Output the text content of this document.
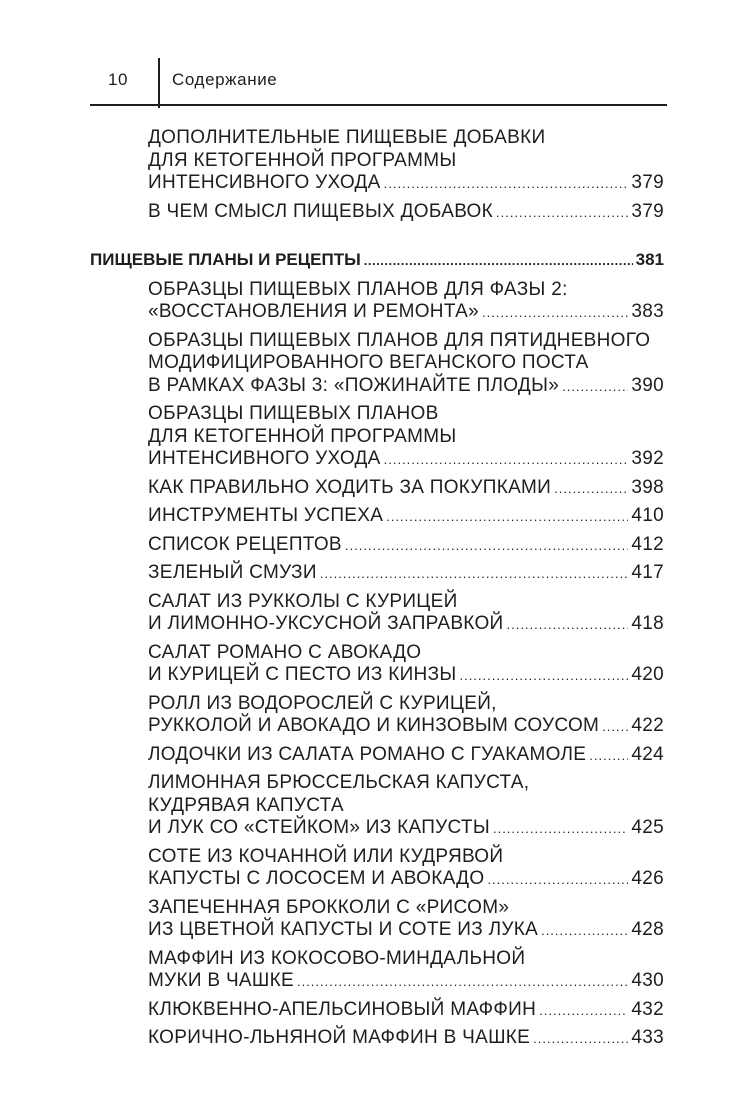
10	Содержание
ДОПОЛНИТЕЛЬНЫЕ ПИЩЕВЫЕ ДОБАВКИ
ДЛЯ КЕТОГЕННОЙ ПРОГРАММЫ
ИНТЕНСИВНОГО УХОДА .....	379
В ЧЕМ СМЫСЛ ПИЩЕВЫХ ДОБАВОК .....	379
ПИЩЕВЫЕ ПЛАНЫ И РЕЦЕПТЫ .....	381
ОБРАЗЦЫ ПИЩЕВЫХ ПЛАНОВ ДЛЯ ФАЗЫ 2:
«ВОССТАНОВЛЕНИЯ И РЕМОНТА» .....	383
ОБРАЗЦЫ ПИЩЕВЫХ ПЛАНОВ ДЛЯ ПЯТИДНЕВНОГО
МОДИФИЦИРОВАННОГО ВЕГАНСКОГО ПОСТА
В РАМКАХ ФАЗЫ 3: «ПОЖИНАЙТЕ ПЛОДЫ» .....	390
ОБРАЗЦЫ ПИЩЕВЫХ ПЛАНОВ
ДЛЯ КЕТОГЕННОЙ ПРОГРАММЫ
ИНТЕНСИВНОГО УХОДА .....	392
КАК ПРАВИЛЬНО ХОДИТЬ ЗА ПОКУПКАМИ .....	398
ИНСТРУМЕНТЫ УСПЕХА .....	410
СПИСОК РЕЦЕПТОВ .....	412
ЗЕЛЕНЫЙ СМУЗИ .....	417
САЛАТ ИЗ РУККОЛЫ С КУРИЦЕЙ
И ЛИМОННО-УКСУСНОЙ ЗАПРАВКОЙ .....	418
САЛАТ РОМАНО С АВОКАДО
И КУРИЦЕЙ С ПЕСТО ИЗ КИНЗЫ .....	420
РОЛЛ ИЗ ВОДОРОСЛЕЙ С КУРИЦЕЙ,
РУККОЛОЙ И АВОКАДО И КИНЗОВЫМ СОУСОМ ..... 422
ЛОДОЧКИ ИЗ САЛАТА РОМАНО С ГУАКАМОЛЕ ..... 424
ЛИМОННАЯ БРЮССЕЛЬСКАЯ КАПУСТА,
КУДРЯВАЯ КАПУСТА
И ЛУК СО «СТЕЙКОМ» ИЗ КАПУСТЫ .....	425
СОТЕ ИЗ КОЧАННОЙ ИЛИ КУДРЯВОЙ
КАПУСТЫ С ЛОСОСЕМ И АВОКАДО .....	426
ЗАПЕЧЕННАЯ БРОККОЛИ С «РИСОМ»
ИЗ ЦВЕТНОЙ КАПУСТЫ И СОТЕ ИЗ ЛУКА .....	428
МАФФИН ИЗ КОКОСОВО-МИНДАЛЬНОЙ
МУКИ В ЧАШКЕ .....	430
КЛЮКВЕННО-АПЕЛЬСИНОВЫЙ МАФФИН .....	432
КОРИЧНО-ЛЬНЯНОЙ МАФФИН В ЧАШКЕ .....	433
